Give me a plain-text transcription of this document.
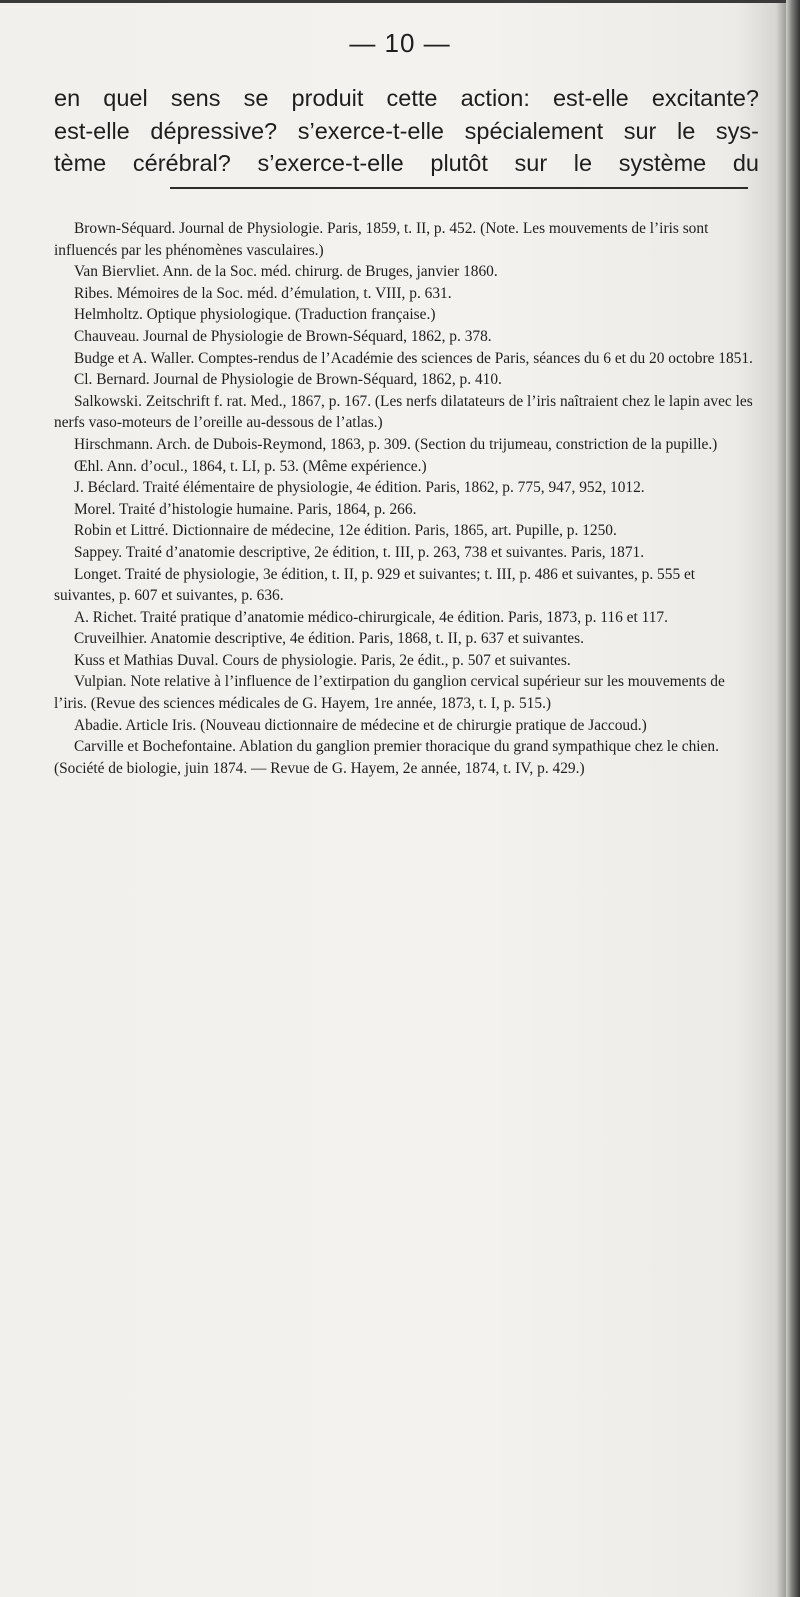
— 10 —
en quel sens se produit cette action: est-elle excitante?
est-elle dépressive? s’exerce-t-elle spécialement sur le sys-
tème cérébral? s’exerce-t-elle plutôt sur le système du

Brown-Séquard. Journal de Physiologie. Paris, 1859, t. II, p. 452. (Note. Les mouvements de l’iris sont influencés par les phénomènes vasculaires.)

Van Biervliet. Ann. de la Soc. méd. chirurg. de Bruges, janvier 1860.

Ribes. Mémoires de la Soc. méd. d’émulation, t. VIII, p. 631.

Helmholtz. Optique physiologique. (Traduction française.)

Chauveau. Journal de Physiologie de Brown-Séquard, 1862, p. 378.

Budge et A. Waller. Comptes-rendus de l’Académie des sciences de Paris, séances du 6 et du 20 octobre 1851.

Cl. Bernard. Journal de Physiologie de Brown-Séquard, 1862, p. 410.

Salkowski. Zeitschrift f. rat. Med., 1867, p. 167. (Les nerfs dilatateurs de l’iris naîtraient chez le lapin avec les nerfs vaso-moteurs de l’oreille au-dessous de l’atlas.)

Hirschmann. Arch. de Dubois-Reymond, 1863, p. 309. (Section du trijumeau, constriction de la pupille.)

Œhl. Ann. d’ocul., 1864, t. LI, p. 53. (Même expérience.)

J. Béclard. Traité élémentaire de physiologie, 4e édition. Paris, 1862, p. 775, 947, 952, 1012.

Morel. Traité d’histologie humaine. Paris, 1864, p. 266.

Robin et Littré. Dictionnaire de médecine, 12e édition. Paris, 1865, art. Pupille, p. 1250.

Sappey. Traité d’anatomie descriptive, 2e édition, t. III, p. 263, 738 et suivantes. Paris, 1871.

Longet. Traité de physiologie, 3e édition, t. II, p. 929 et suivantes; t. III, p. 486 et suivantes, p. 555 et suivantes, p. 607 et suivantes, p. 636.

A. Richet. Traité pratique d’anatomie médico-chirurgicale, 4e édition. Paris, 1873, p. 116 et 117.

Cruveilhier. Anatomie descriptive, 4e édition. Paris, 1868, t. II, p. 637 et suivantes.

Kuss et Mathias Duval. Cours de physiologie. Paris, 2e édit., p. 507 et suivantes.

Vulpian. Note relative à l’influence de l’extirpation du ganglion cervical supérieur sur les mouvements de l’iris. (Revue des sciences médicales de G. Hayem, 1re année, 1873, t. I, p. 515.)

Abadie. Article Iris. (Nouveau dictionnaire de médecine et de chirurgie pratique de Jaccoud.)

Carville et Bochefontaine. Ablation du ganglion premier thoracique du grand sympathique chez le chien. (Société de biologie, juin 1874. — Revue de G. Hayem, 2e année, 1874, t. IV, p. 429.)
